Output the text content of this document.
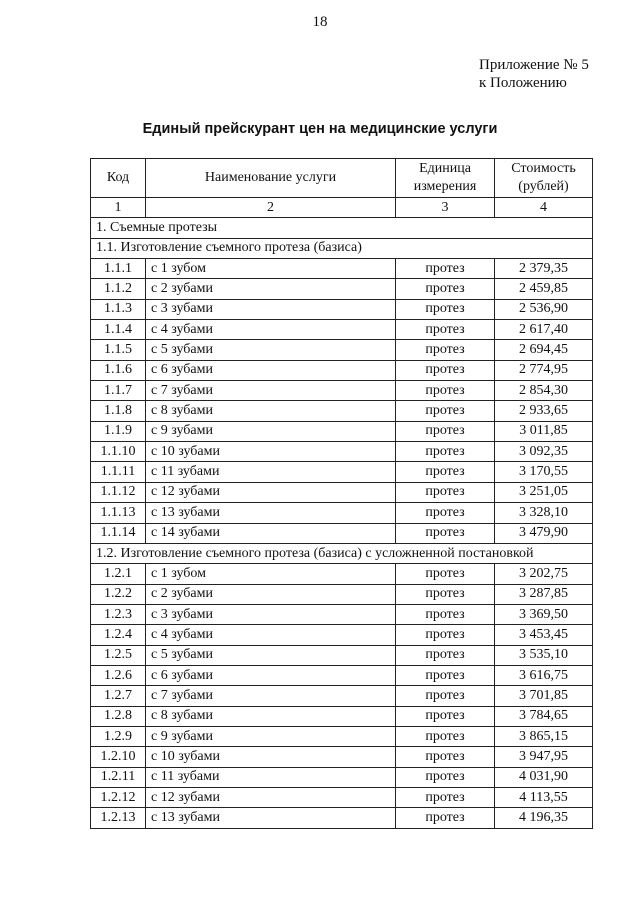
18
Приложение № 5
к Положению
Единый прейскурант цен на медицинские услуги
Код	Наименование услуги	Единица измерения	Стоимость (рублей)
1	2	3	4
1. Съемные протезы			
1.1. Изготовление съемного протеза (базиса)			
1.1.1	с 1 зубом	протез	2 379,35
1.1.2	с 2 зубами	протез	2 459,85
1.1.3	с 3 зубами	протез	2 536,90
1.1.4	с 4 зубами	протез	2 617,40
1.1.5	с 5 зубами	протез	2 694,45
1.1.6	с 6 зубами	протез	2 774,95
1.1.7	с 7 зубами	протез	2 854,30
1.1.8	с 8 зубами	протез	2 933,65
1.1.9	с 9 зубами	протез	3 011,85
1.1.10	с 10 зубами	протез	3 092,35
1.1.11	с 11 зубами	протез	3 170,55
1.1.12	с 12 зубами	протез	3 251,05
1.1.13	с 13 зубами	протез	3 328,10
1.1.14	с 14 зубами	протез	3 479,90
1.2. Изготовление съемного протеза (базиса) с усложненной постановкой			
1.2.1	с 1 зубом	протез	3 202,75
1.2.2	с 2 зубами	протез	3 287,85
1.2.3	с 3 зубами	протез	3 369,50
1.2.4	с 4 зубами	протез	3 453,45
1.2.5	с 5 зубами	протез	3 535,10
1.2.6	с 6 зубами	протез	3 616,75
1.2.7	с 7 зубами	протез	3 701,85
1.2.8	с 8 зубами	протез	3 784,65
1.2.9	с 9 зубами	протез	3 865,15
1.2.10	с 10 зубами	протез	3 947,95
1.2.11	с 11 зубами	протез	4 031,90
1.2.12	с 12 зубами	протез	4 113,55
1.2.13	с 13 зубами	протез	4 196,35
